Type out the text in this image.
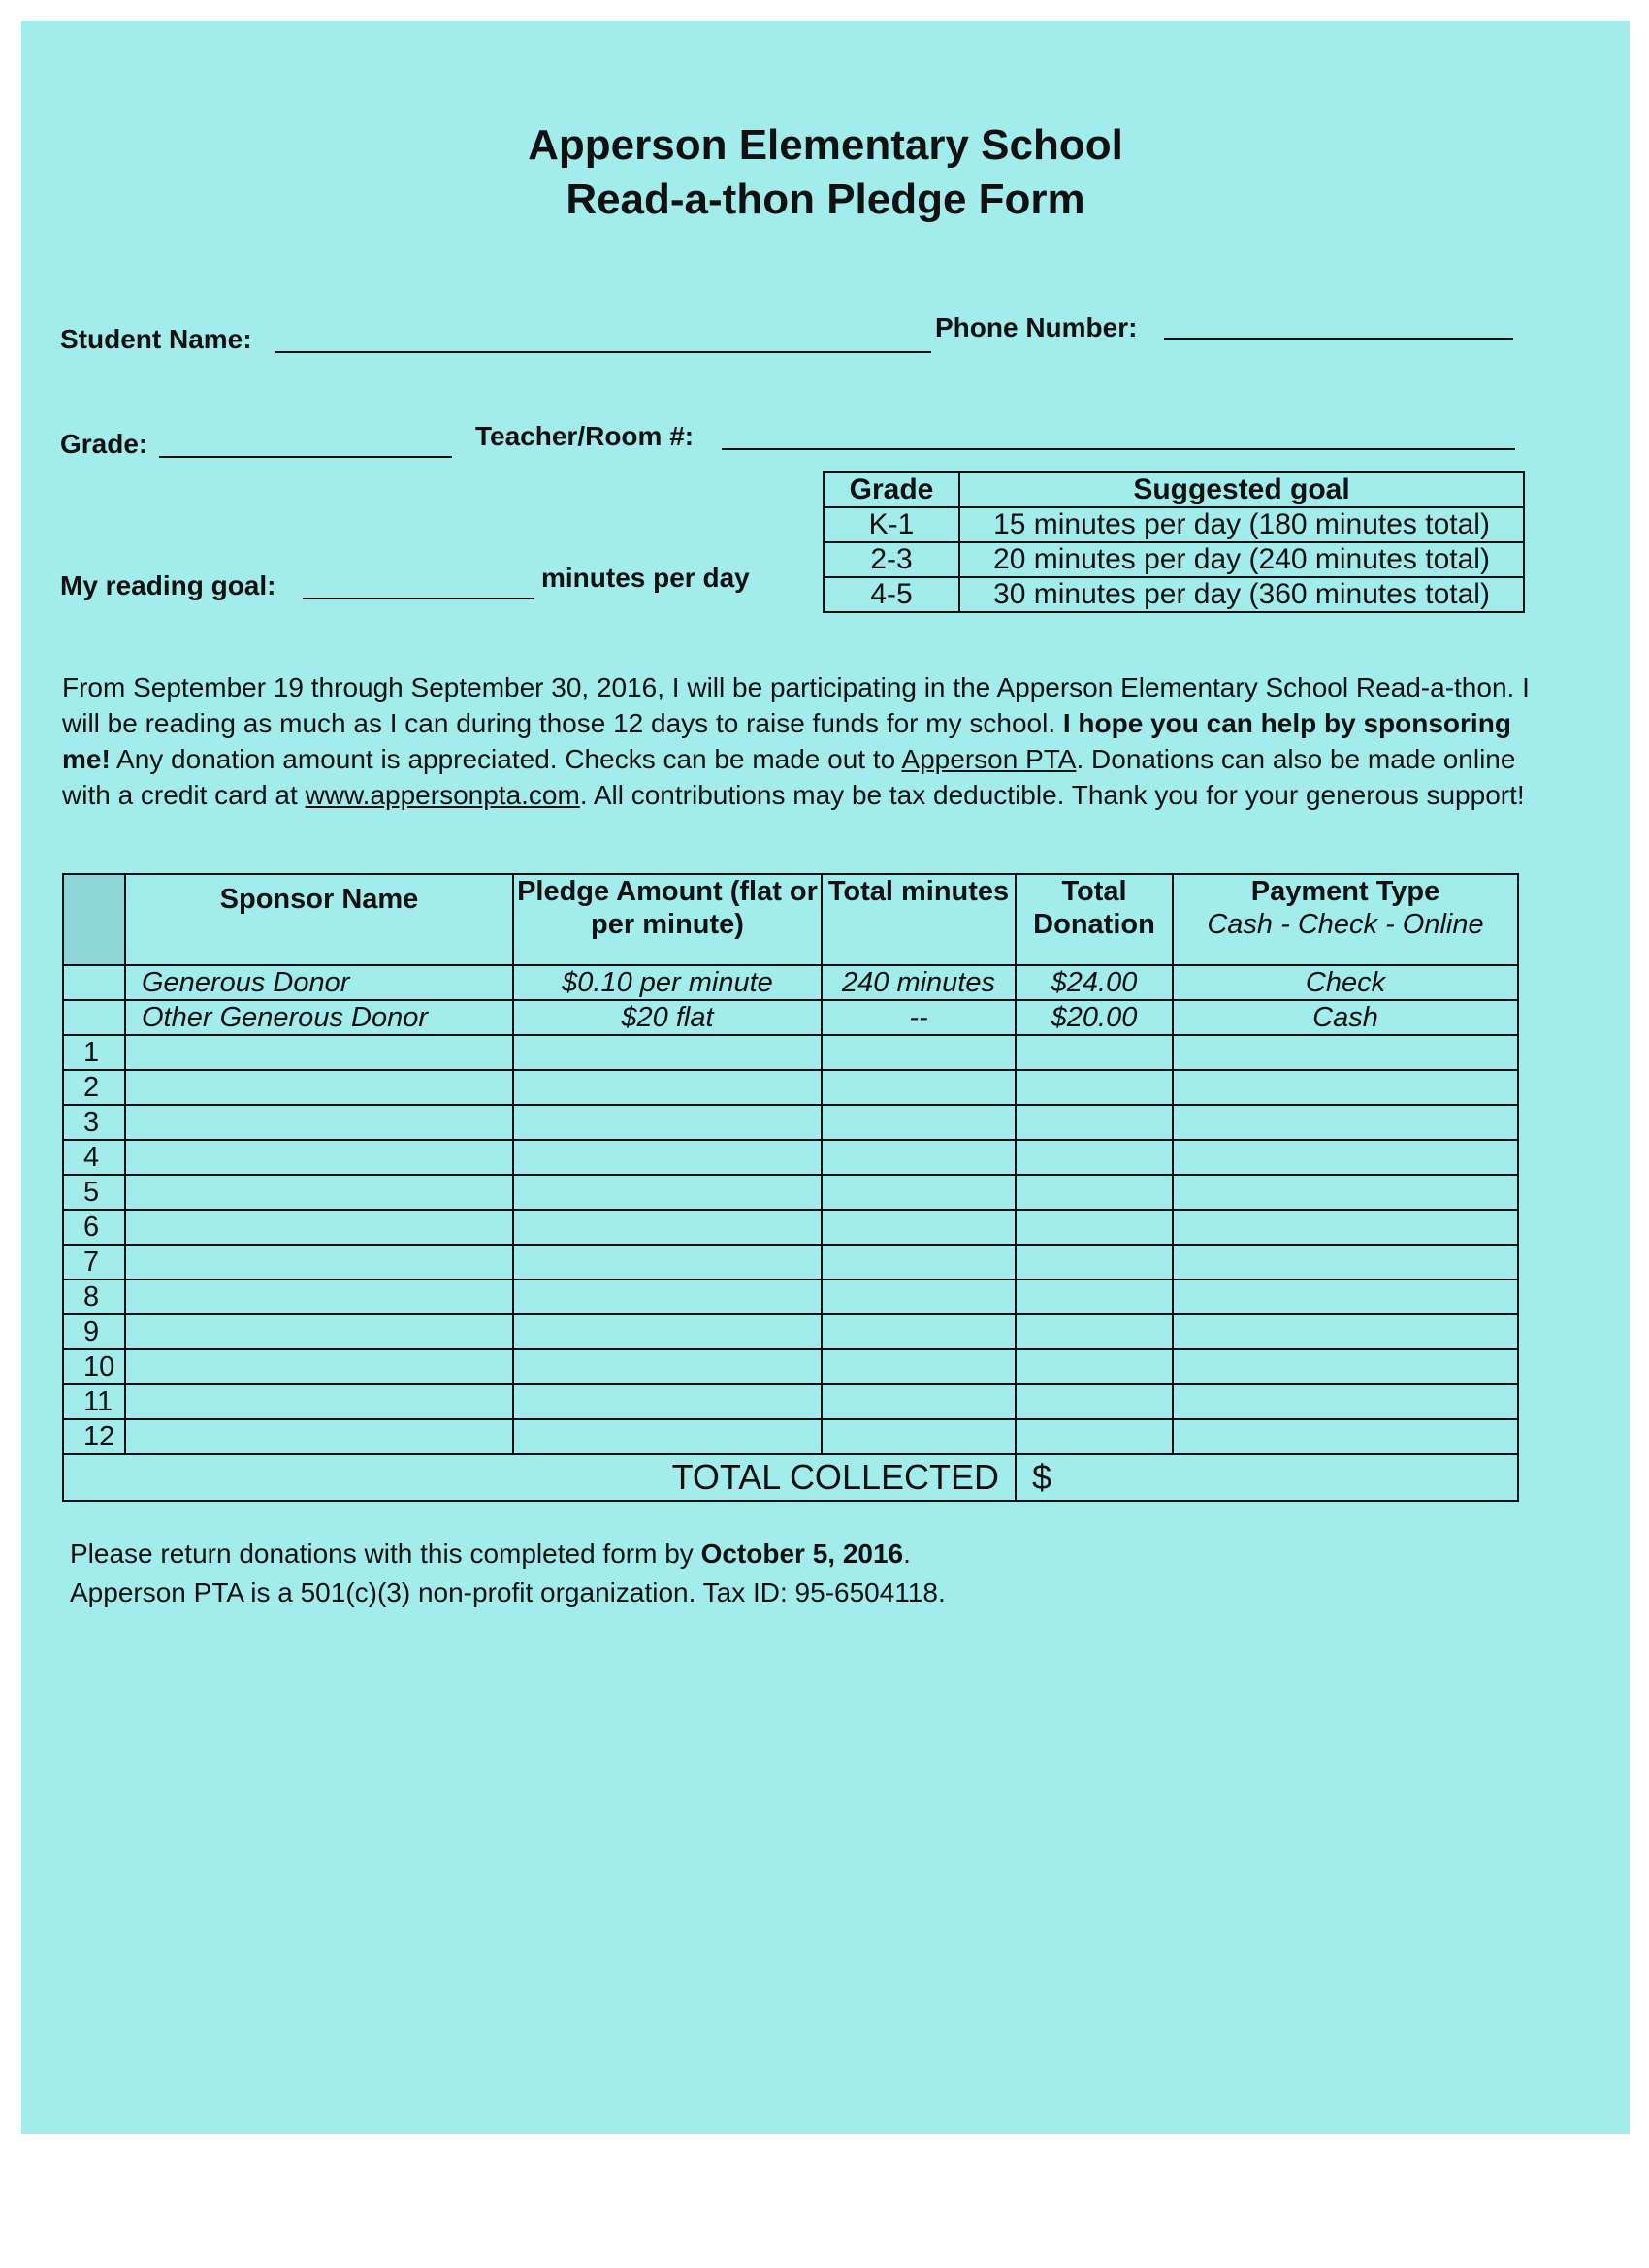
Apperson Elementary School
Read-a-thon Pledge Form
Student Name:	Phone Number:
Grade:	Teacher/Room #:
My reading goal:	minutes per day
Grade	Suggested goal
K-1	15 minutes per day (180 minutes total)
2-3	20 minutes per day (240 minutes total)
4-5	30 minutes per day (360 minutes total)
From September 19 through September 30, 2016, I will be participating in the Apperson Elementary School Read-a-thon. I will be reading as much as I can during those 12 days to raise funds for my school. I hope you can help by sponsoring me! Any donation amount is appreciated. Checks can be made out to Apperson PTA. Donations can also be made online with a credit card at www.appersonpta.com. All contributions may be tax deductible. Thank you for your generous support!
	Sponsor Name	Pledge Amount (flat or per minute)	Total minutes	Total Donation	Payment Type
Cash - Check - Online

	Generous Donor	$0.10 per minute	240 minutes	$24.00	Check
	Other Generous Donor	$20 flat	--	$20.00	Cash
1					
2					
3					
4					
5					
6					
7					
8					
9					
10					
11					
12					
TOTAL COLLECTED				$	
Please return donations with this completed form by October 5, 2016.
Apperson PTA is a 501(c)(3) non-profit organization. Tax ID: 95-6504118.
